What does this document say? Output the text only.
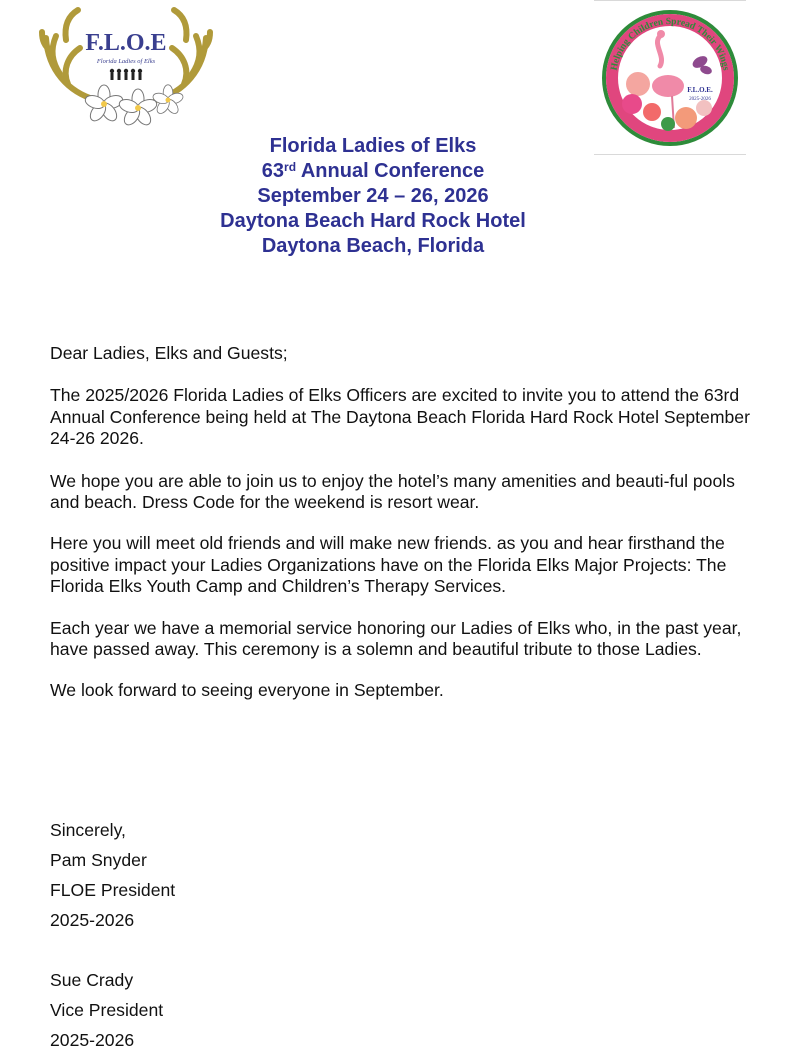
F.L.O.E
Florida Ladies of Elks
Helping Children Spread Their Wings
F.L.O.E.
2025-2026
Florida Ladies of Elks
63rd Annual Conference
September 24 – 26, 2026
Daytona Beach Hard Rock Hotel
Daytona Beach, Florida

Dear Ladies, Elks and Guests;

The 2025/2026 Florida Ladies of Elks Officers are excited to invite you to attend the 63rd Annual Conference being held at The Daytona Beach Florida Hard Rock Hotel September 24-26 2026.

We hope you are able to join us to enjoy the hotel’s many amenities and beauti-ful pools and beach. Dress Code for the weekend is resort wear.

Here you will meet old friends and will make new friends. as you and hear firsthand the positive impact your Ladies Organizations have on the Florida Elks Major Projects: The Florida Elks Youth Camp and Children’s Therapy Services.

Each year we have a memorial service honoring our Ladies of Elks who, in the past year, have passed away. This ceremony is a solemn and beautiful tribute to those Ladies.

We look forward to seeing everyone in September.

Sincerely,
Pam Snyder
FLOE President
2025-2026
Sue Crady
Vice President
2025-2026
